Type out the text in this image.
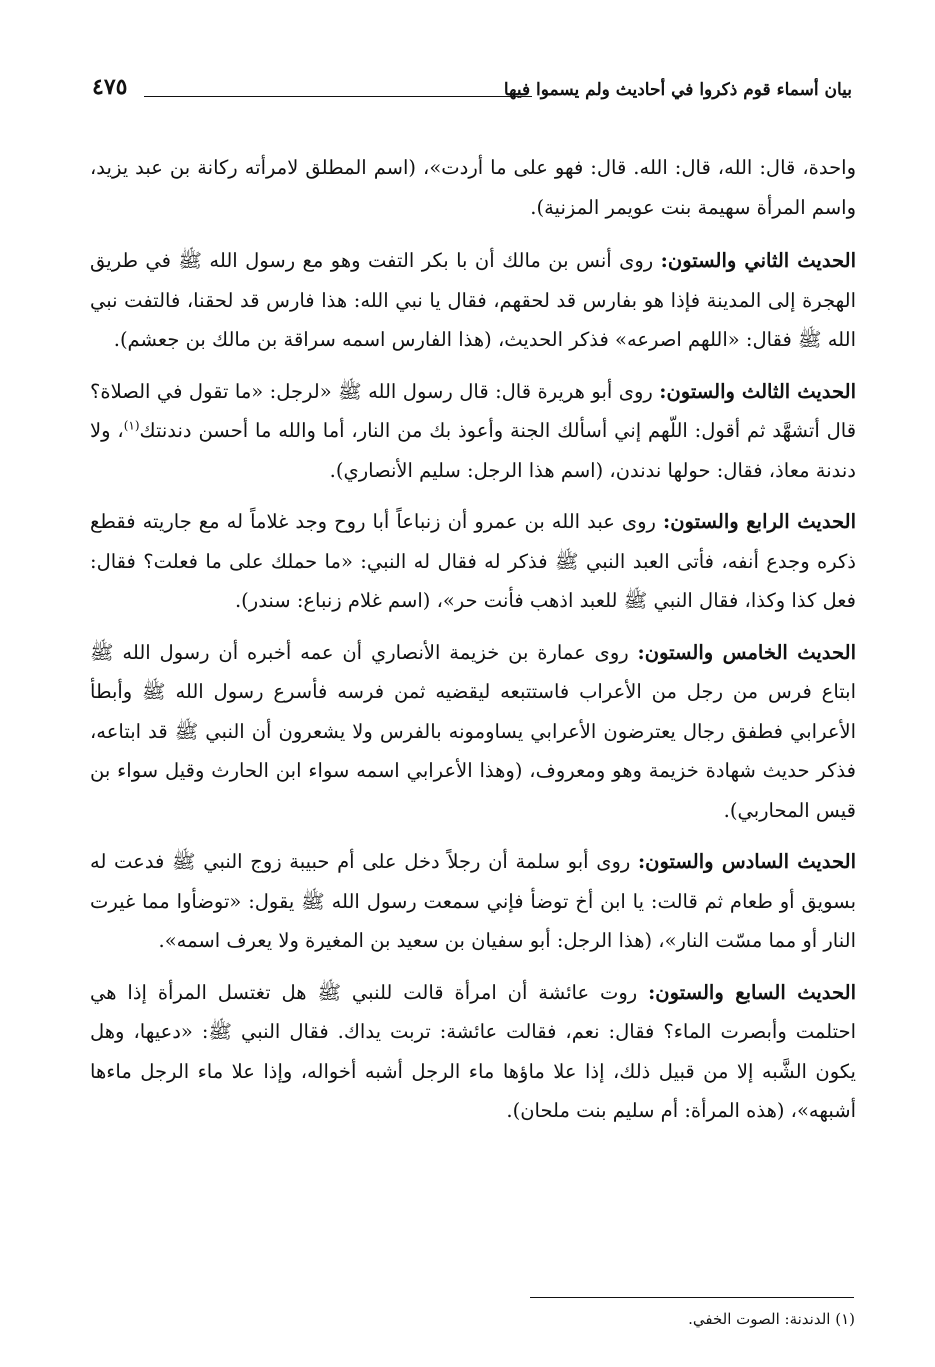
بيان أسماء قوم ذكروا في أحاديث ولم يسموا فيها
٤٧٥

واحدة، قال: الله، قال: الله. قال: فهو على ما أردت»، (اسم المطلق لامرأته ركانة بن عبد يزيد، واسم المرأة سهيمة بنت عويمر المزنية).

الحديث الثاني والستون: روى أنس بن مالك أن با بكر التفت وهو مع رسول الله ﷺ في طريق الهجرة إلى المدينة فإذا هو بفارس قد لحقهم، فقال يا نبي الله: هذا فارس قد لحقنا، فالتفت نبي الله ﷺ فقال: «اللهم اصرعه» فذكر الحديث، (هذا الفارس اسمه سراقة بن مالك بن جعشم).

الحديث الثالث والستون: روى أبو هريرة قال: قال رسول الله ﷺ «لرجل: «ما تقول في الصلاة؟ قال أتشهَّد ثم أقول: اللّهم إني أسألك الجنة وأعوذ بك من النار، أما والله ما أحسن دندنتك$^{(١)}$، ولا دندنة معاذ، فقال: حولها ندندن، (اسم هذا الرجل: سليم الأنصاري).

الحديث الرابع والستون: روى عبد الله بن عمرو أن زنباعاً أبا روح وجد غلاماً له مع جاريته فقطع ذكره وجدع أنفه، فأتى العبد النبي ﷺ فذكر له فقال له النبي: «ما حملك على ما فعلت؟ فقال: فعل كذا وكذا، فقال النبي ﷺ للعبد اذهب فأنت حر»، (اسم غلام زنباع: سندر).

الحديث الخامس والستون: روى عمارة بن خزيمة الأنصاري أن عمه أخبره أن رسول الله ﷺ ابتاع فرس من رجل من الأعراب فاستتبعه ليقضيه ثمن فرسه فأسرع رسول الله ﷺ وأبطأ الأعرابي فطفق رجال يعترضون الأعرابي يساومونه بالفرس ولا يشعرون أن النبي ﷺ قد ابتاعه، فذكر حديث شهادة خزيمة وهو ومعروف، (وهذا الأعرابي اسمه سواء ابن الحارث وقيل سواء بن قيس المحاربي).

الحديث السادس والستون: روى أبو سلمة أن رجلاً دخل على أم حبيبة زوج النبي ﷺ فدعت له بسويق أو طعام ثم قالت: يا ابن أخ توضأ فإني سمعت رسول الله ﷺ يقول: «توضأوا مما غيرت النار أو مما مسّت النار»، (هذا الرجل: أبو سفيان بن سعيد بن المغيرة ولا يعرف اسمه».

الحديث السابع والستون: روت عائشة أن امرأة قالت للنبي ﷺ هل تغتسل المرأة إذا هي احتلمت وأبصرت الماء؟ فقال: نعم، فقالت عائشة: تربت يداك. فقال النبي ﷺ: «دعيها، وهل يكون الشَّبه إلا من قبيل ذلك، إذا علا ماؤها ماء الرجل أشبه أخواله، وإذا علا ماء الرجل ماءها أشبهه»، (هذه المرأة: أم سليم بنت ملحان).

(١) الدندنة: الصوت الخفي.
